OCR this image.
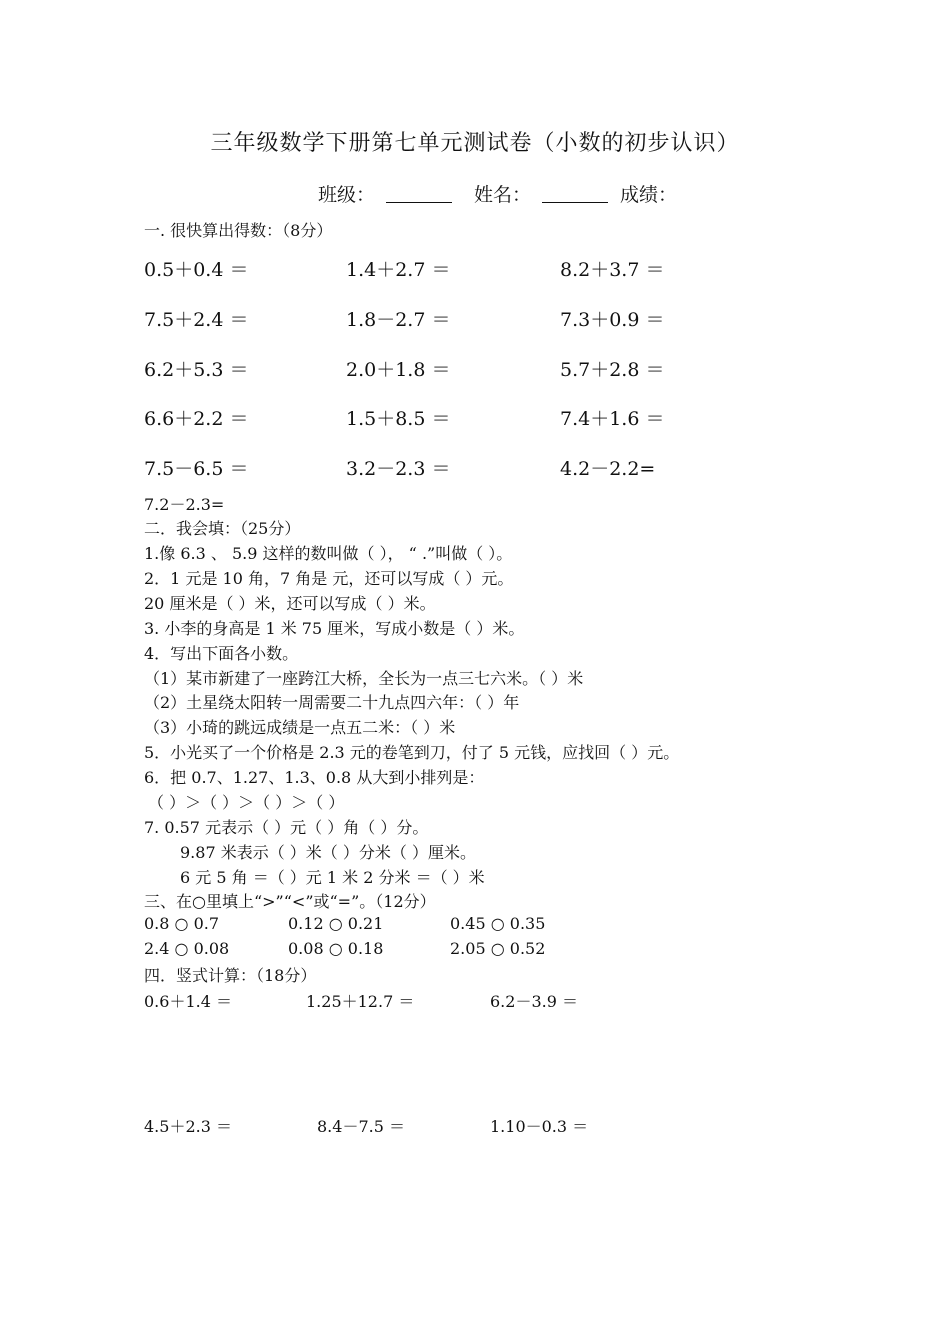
三年级数学下册第七单元测试卷（小数的初步认识）
班级：	姓名：	成绩：
一. 很快算出得数：（8分）
0.5＋0.4 ＝	1.4＋2.7 ＝	8.2＋3.7 ＝
7.5＋2.4 ＝	1.8－2.7 ＝	7.3＋0.9 ＝
6.2＋5.3 ＝	2.0＋1.8 ＝	5.7＋2.8 ＝
6.6＋2.2 ＝	1.5＋8.5 ＝	7.4＋1.6 ＝
7.5－6.5 ＝	3.2－2.3 ＝	4.2－2.2=
7.2－2.3=
二．我会填：（25分）
1.像 6.3 、 5.9 这样的数叫做（ ）， “ .”叫做（ ）。
2．1 元是 10 角，7 角是 元，还可以写成（ ）元。
20 厘米是（ ）米，还可以写成（ ）米。
3. 小李的身高是 1 米 75 厘米，写成小数是（ ）米。
4．写出下面各小数。
（1）某市新建了一座跨江大桥，全长为一点三七六米。（ ）米
（2）土星绕太阳转一周需要二十九点四六年：（ ）年
（3）小琦的跳远成绩是一点五二米：（ ）米
5．小光买了一个价格是 2.3 元的卷笔到刀，付了 5 元钱，应找回（ ）元。
6．把 0.7、1.27、1.3、0.8 从大到小排列是：
（ ）＞（ ）＞（ ）＞（ ）
7. 0.57 元表示（ ）元（ ）角（ ）分。
9.87 米表示（ ）米（ ）分米（ ）厘米。
6 元 5 角 ＝（ ）元 1 米 2 分米 ＝（ ）米
三、在○里填上“>”“<”或“=”。（12分）
0.8 ○ 0.7	0.12 ○ 0.21	0.45 ○ 0.35
2.4 ○ 0.08	0.08 ○ 0.18	2.05 ○ 0.52
四．竖式计算：（18分）
0.6＋1.4 ＝	1.25＋12.7 ＝	6.2－3.9 ＝
4.5＋2.3 ＝	8.4－7.5 ＝	1.10－0.3 ＝
